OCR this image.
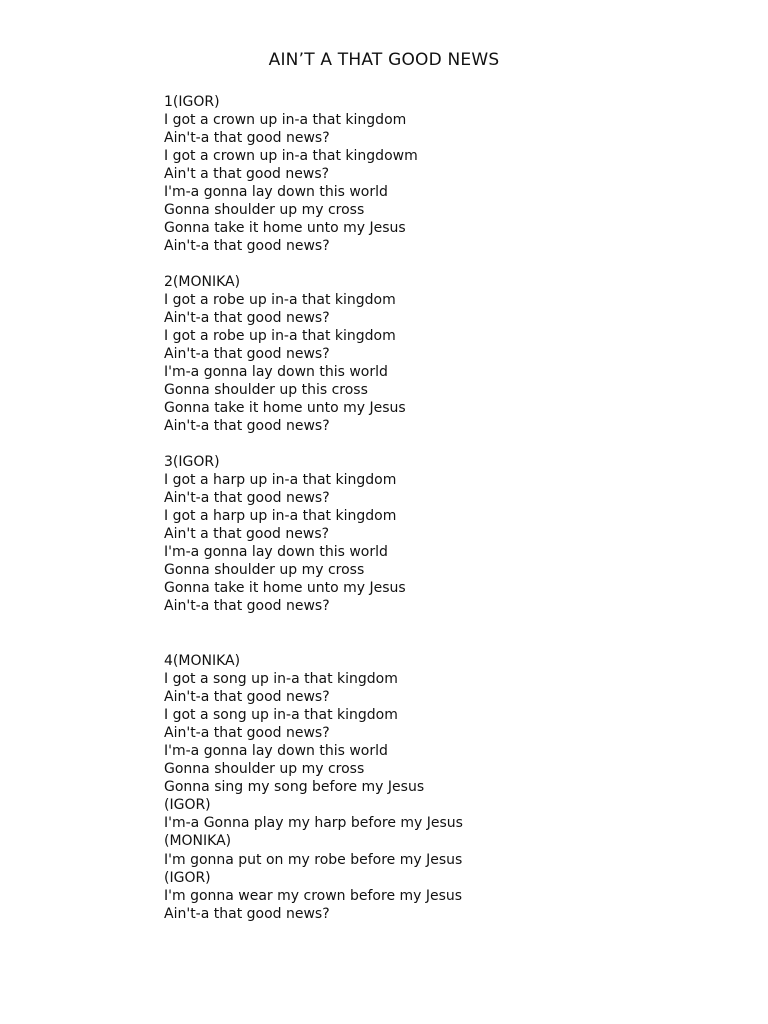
AIN’T A THAT GOOD NEWS
1(IGOR)
I got a crown up in-a that kingdom
Ain't-a that good news?
I got a crown up in-a that kingdowm
Ain't a that good news?
I'm-a gonna lay down this world
Gonna shoulder up my cross
Gonna take it home unto my Jesus
Ain't-a that good news?
2(MONIKA)
I got a robe up in-a that kingdom
Ain't-a that good news?
I got a robe up in-a that kingdom
Ain't-a that good news?
I'm-a gonna lay down this world
Gonna shoulder up this cross
Gonna take it home unto my Jesus
Ain't-a that good news?
3(IGOR)
I got a harp up in-a that kingdom
Ain't-a that good news?
I got a harp up in-a that kingdom
Ain't a that good news?
I'm-a gonna lay down this world
Gonna shoulder up my cross
Gonna take it home unto my Jesus
Ain't-a that good news?
4(MONIKA)
I got a song up in-a that kingdom
Ain't-a that good news?
I got a song up in-a that kingdom
Ain't-a that good news?
I'm-a gonna lay down this world
Gonna shoulder up my cross
Gonna sing my song before my Jesus
(IGOR)
I'm-a Gonna play my harp before my Jesus
(MONIKA)
I'm gonna put on my robe before my Jesus
(IGOR)
I'm gonna wear my crown before my Jesus
Ain't-a that good news?
